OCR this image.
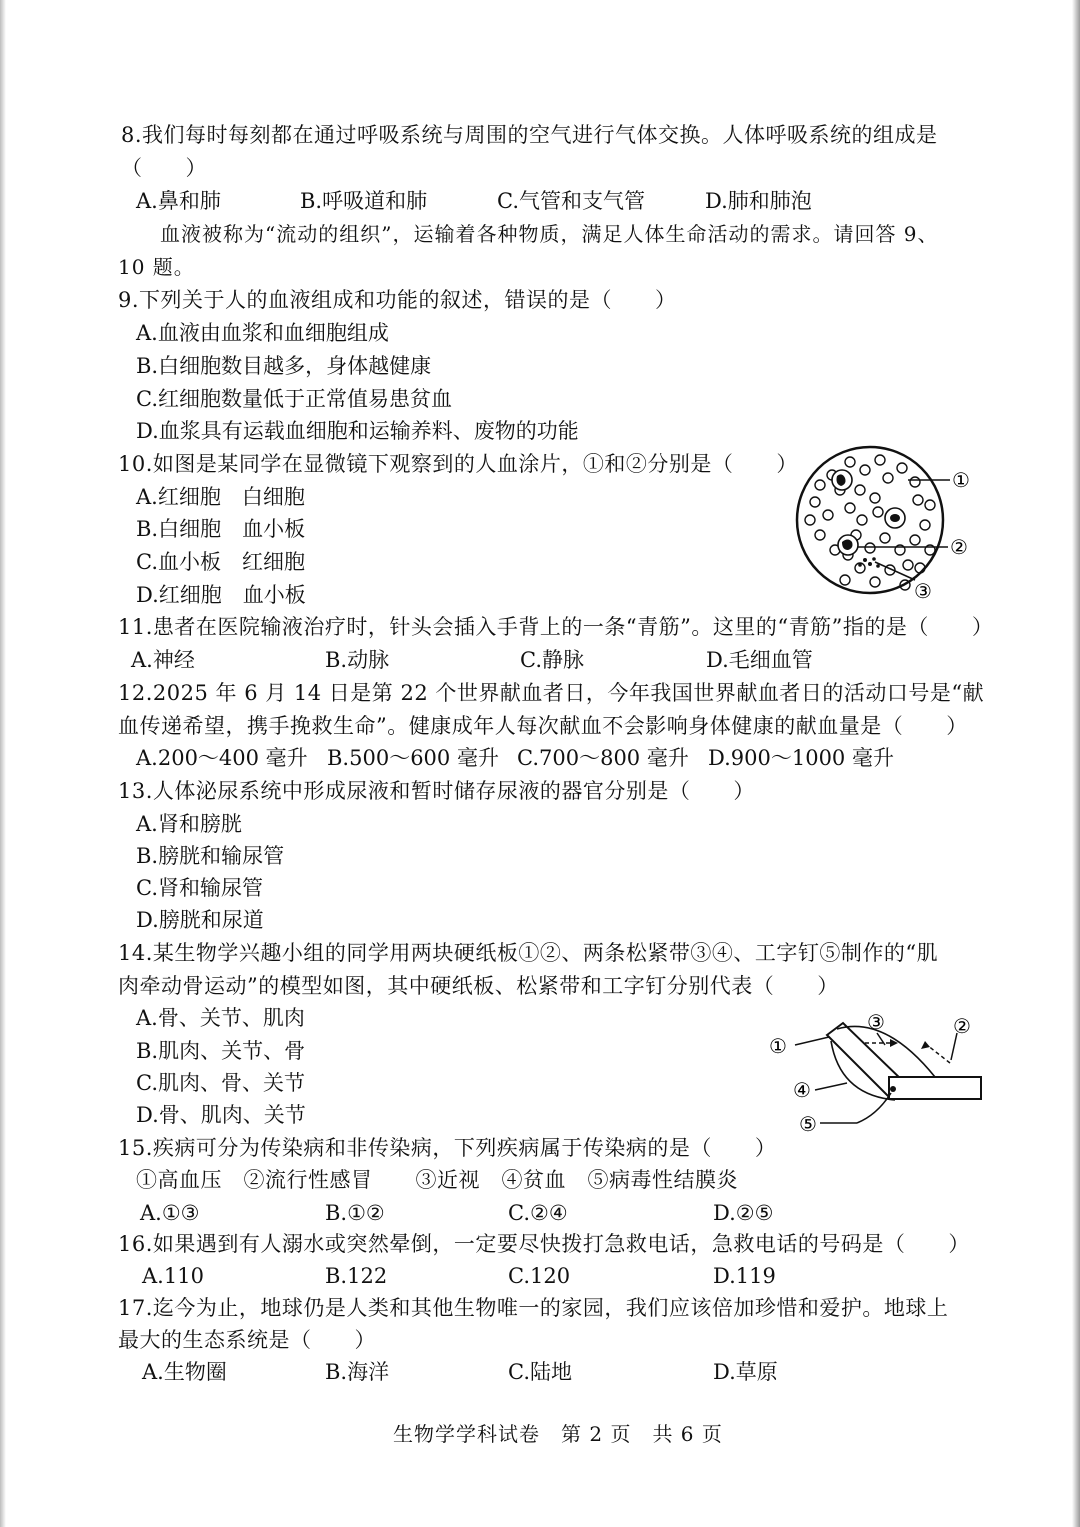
8.我们每时每刻都在通过呼吸系统与周围的空气进行气体交换。人体呼吸系统的组成是
（　　）
A.鼻和肺	B.呼吸道和肺	C.气管和支气管	D.肺和肺泡
血液被称为“流动的组织”，运输着各种物质，满足人体生命活动的需求。请回答 9、
10 题。
9.下列关于人的血液组成和功能的叙述，错误的是（　　）
A.血液由血浆和血细胞组成
B.白细胞数目越多，身体越健康
C.红细胞数量低于正常值易患贫血
D.血浆具有运载血细胞和运输养料、废物的功能
10.如图是某同学在显微镜下观察到的人血涂片，①和②分别是（　　）
A.红细胞　白细胞
B.白细胞　血小板
C.血小板　红细胞
D.红细胞　血小板
①
②
③
11.患者在医院输液治疗时，针头会插入手背上的一条“青筋”。这里的“青筋”指的是（　　）
A.神经	B.动脉	C.静脉	D.毛细血管
12.2025 年 6 月 14 日是第 22 个世界献血者日，今年我国世界献血者日的活动口号是“献
血传递希望，携手挽救生命”。健康成年人每次献血不会影响身体健康的献血量是（　　）
A.200～400 毫升 B.500～600 毫升 C.700～800 毫升 D.900～1000 毫升
13.人体泌尿系统中形成尿液和暂时储存尿液的器官分别是（　　）
A.肾和膀胱
B.膀胱和输尿管
C.肾和输尿管
D.膀胱和尿道
14.某生物学兴趣小组的同学用两块硬纸板①②、两条松紧带③④、工字钉⑤制作的“肌
肉牵动骨运动”的模型如图，其中硬纸板、松紧带和工字钉分别代表（　　）
A.骨、关节、肌肉
B.肌肉、关节、骨
C.肌肉、骨、关节
D.骨、肌肉、关节
①
②
③
④
⑤
15.疾病可分为传染病和非传染病，下列疾病属于传染病的是（　　）
①高血压　②流行性感冒　　③近视　④贫血　⑤病毒性结膜炎
A.①③	B.①②	C.②④	D.②⑤
16.如果遇到有人溺水或突然晕倒，一定要尽快拨打急救电话，急救电话的号码是（　　）
A.110	B.122	C.120	D.119
17.迄今为止，地球仍是人类和其他生物唯一的家园，我们应该倍加珍惜和爱护。地球上
最大的生态系统是（　　）
A.生物圈	B.海洋	C.陆地	D.草原
生物学学科试卷　第 2 页　共 6 页
